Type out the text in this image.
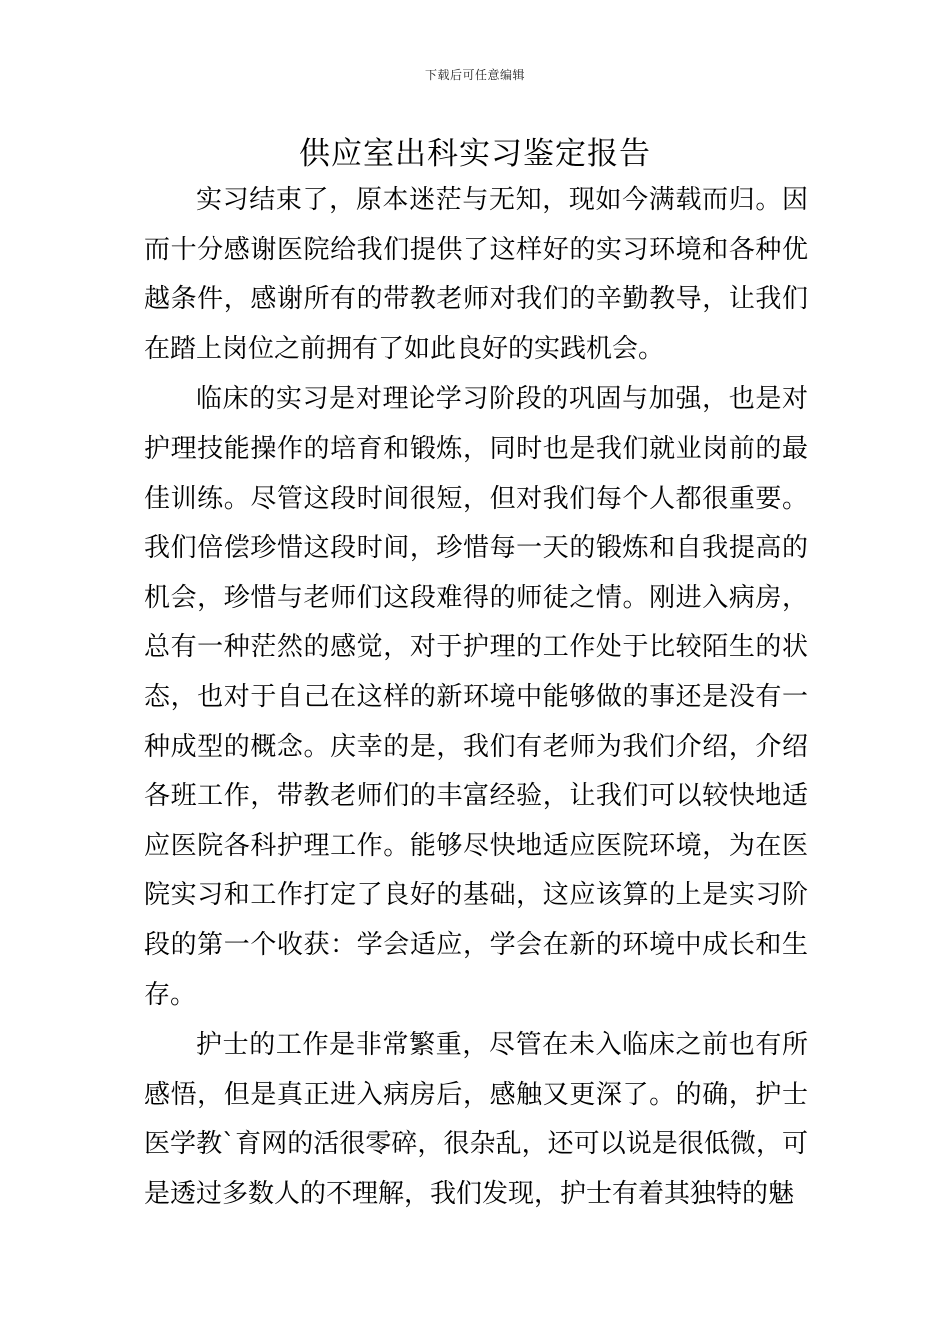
下载后可任意编辑
供应室出科实习鉴定报告

实习结束了，原本迷茫与无知，现如今满载而归。因而十分感谢医院给我们提供了这样好的实习环境和各种优越条件，感谢所有的带教老师对我们的辛勤教导，让我们在踏上岗位之前拥有了如此良好的实践机会。

临床的实习是对理论学习阶段的巩固与加强，也是对护理技能操作的培育和锻炼，同时也是我们就业岗前的最佳训练。尽管这段时间很短，但对我们每个人都很重要。我们倍偿珍惜这段时间，珍惜每一天的锻炼和自我提高的机会，珍惜与老师们这段难得的师徒之情。刚进入病房，总有一种茫然的感觉，对于护理的工作处于比较陌生的状态，也对于自己在这样的新环境中能够做的事还是没有一种成型的概念。庆幸的是，我们有老师为我们介绍，介绍各班工作，带教老师们的丰富经验，让我们可以较快地适应医院各科护理工作。能够尽快地适应医院环境，为在医院实习和工作打定了良好的基础，这应该算的上是实习阶段的第一个收获：学会适应，学会在新的环境中成长和生存。

护士的工作是非常繁重，尽管在未入临床之前也有所感悟，但是真正进入病房后，感触又更深了。的确，护士医学教`育网的活很零碎，很杂乱，还可以说是很低微，可是透过多数人的不理解，我们发现，护士有着其独特的魅
